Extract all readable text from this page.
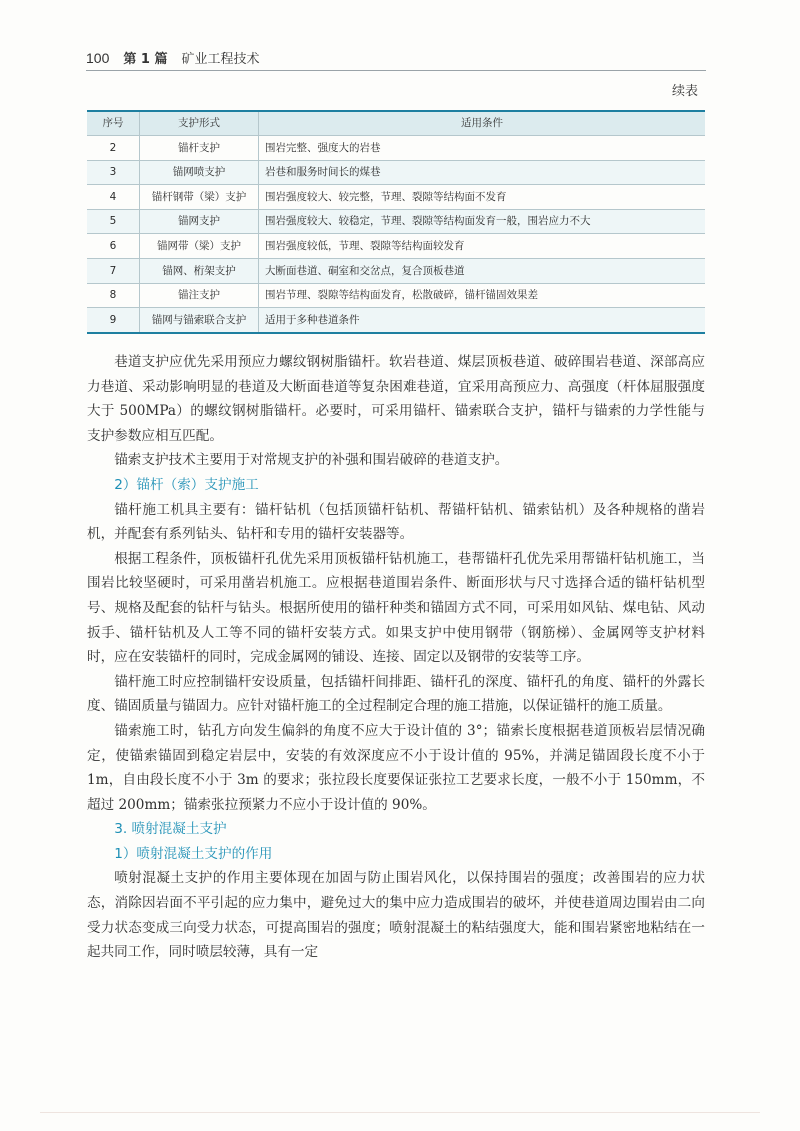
100 第 1 篇 矿业工程技术
续表
序号	支护形式	适用条件
2	锚杆支护	围岩完整、强度大的岩巷
3	锚网喷支护	岩巷和服务时间长的煤巷
4	锚杆钢带（梁）支护	围岩强度较大、较完整，节理、裂隙等结构面不发育
5	锚网支护	围岩强度较大、较稳定，节理、裂隙等结构面发育一般，围岩应力不大
6	锚网带（梁）支护	围岩强度较低，节理、裂隙等结构面较发育
7	锚网、桁架支护	大断面巷道、硐室和交岔点，复合顶板巷道
8	锚注支护	围岩节理、裂隙等结构面发育，松散破碎，锚杆锚固效果差
9	锚网与锚索联合支护	适用于多种巷道条件

巷道支护应优先采用预应力螺纹钢树脂锚杆。软岩巷道、煤层顶板巷道、破碎围岩巷道、深部高应力巷道、采动影响明显的巷道及大断面巷道等复杂困难巷道，宜采用高预应力、高强度（杆体屈服强度大于 500MPa）的螺纹钢树脂锚杆。必要时，可采用锚杆、锚索联合支护，锚杆与锚索的力学性能与支护参数应相互匹配。

锚索支护技术主要用于对常规支护的补强和围岩破碎的巷道支护。

2）锚杆（索）支护施工

锚杆施工机具主要有：锚杆钻机（包括顶锚杆钻机、帮锚杆钻机、锚索钻机）及各种规格的凿岩机，并配套有系列钻头、钻杆和专用的锚杆安装器等。

根据工程条件，顶板锚杆孔优先采用顶板锚杆钻机施工，巷帮锚杆孔优先采用帮锚杆钻机施工，当围岩比较坚硬时，可采用凿岩机施工。应根据巷道围岩条件、断面形状与尺寸选择合适的锚杆钻机型号、规格及配套的钻杆与钻头。根据所使用的锚杆种类和锚固方式不同，可采用如风钻、煤电钻、风动扳手、锚杆钻机及人工等不同的锚杆安装方式。如果支护中使用钢带（钢筋梯）、金属网等支护材料时，应在安装锚杆的同时，完成金属网的铺设、连接、固定以及钢带的安装等工序。

锚杆施工时应控制锚杆安设质量，包括锚杆间排距、锚杆孔的深度、锚杆孔的角度、锚杆的外露长度、锚固质量与锚固力。应针对锚杆施工的全过程制定合理的施工措施，以保证锚杆的施工质量。

锚索施工时，钻孔方向发生偏斜的角度不应大于设计值的 3°；锚索长度根据巷道顶板岩层情况确定，使锚索锚固到稳定岩层中，安装的有效深度应不小于设计值的 95%，并满足锚固段长度不小于 1m，自由段长度不小于 3m 的要求；张拉段长度要保证张拉工艺要求长度，一般不小于 150mm，不超过 200mm；锚索张拉预紧力不应小于设计值的 90%。

3. 喷射混凝土支护
1）喷射混凝土支护的作用

喷射混凝土支护的作用主要体现在加固与防止围岩风化，以保持围岩的强度；改善围岩的应力状态，消除因岩面不平引起的应力集中，避免过大的集中应力造成围岩的破坏，并使巷道周边围岩由二向受力状态变成三向受力状态，可提高围岩的强度；喷射混凝土的粘结强度大，能和围岩紧密地粘结在一起共同工作，同时喷层较薄，具有一定
